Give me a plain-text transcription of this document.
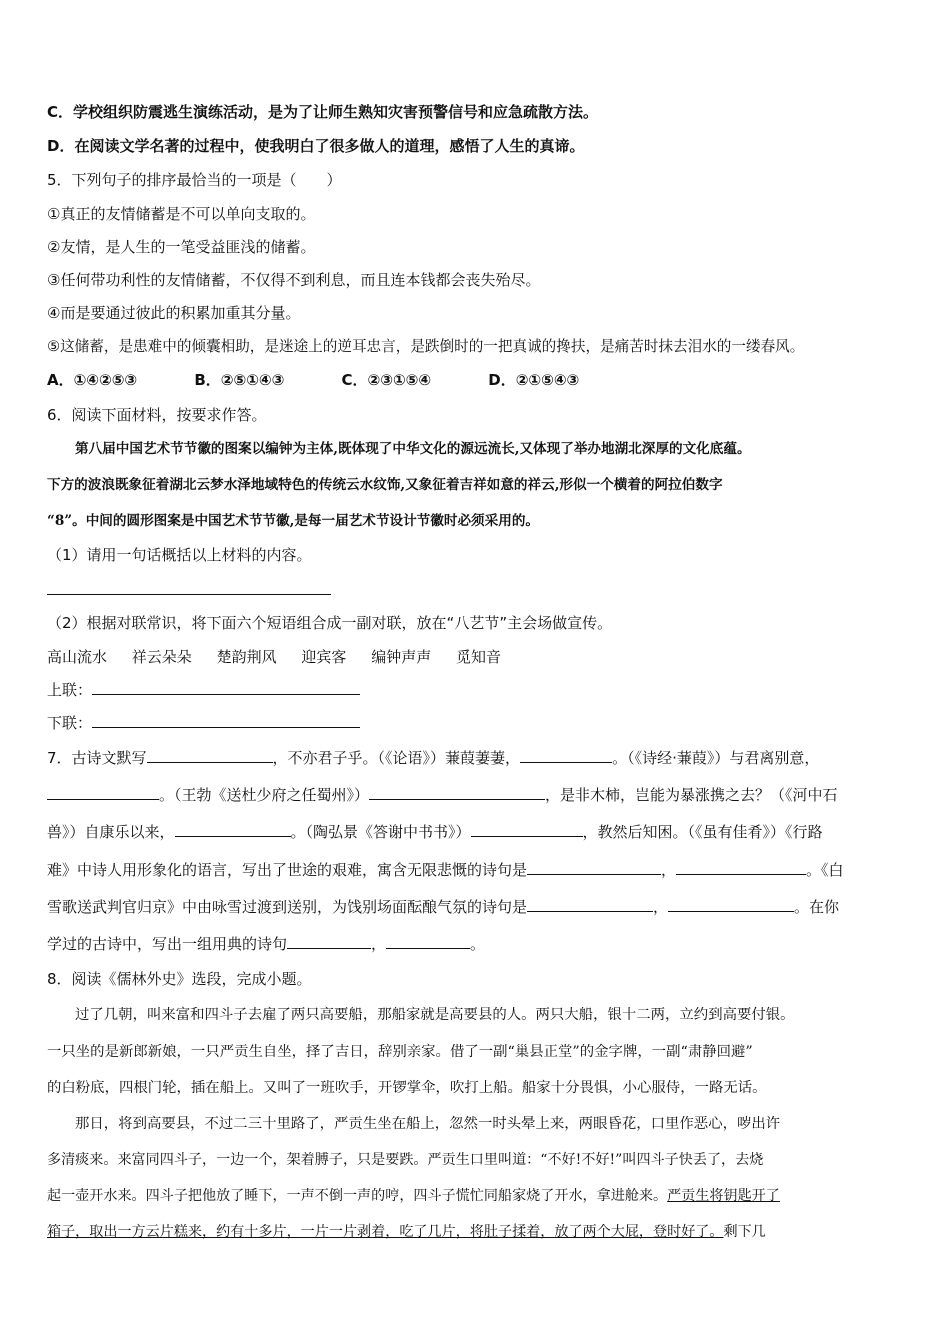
C．学校组织防震逃生演练活动，是为了让师生熟知灾害预警信号和应急疏散方法。
D．在阅读文学名著的过程中，使我明白了很多做人的道理，感悟了人生的真谛。
5．下列句子的排序最恰当的一项是（　　）
①真正的友情储蓄是不可以单向支取的。
②友情，是人生的一笔受益匪浅的储蓄。
③任何带功利性的友情储蓄，不仅得不到利息，而且连本钱都会丧失殆尽。
④而是要通过彼此的积累加重其分量。
⑤这储蓄，是患难中的倾囊相助，是迷途上的逆耳忠言，是跌倒时的一把真诚的搀扶，是痛苦时抹去泪水的一缕春风。
A．①④②⑤③	B．②⑤①④③	C．②③①⑤④	D．②①⑤④③
6．阅读下面材料，按要求作答。
第八届中国艺术节节徽的图案以编钟为主体,既体现了中华文化的源远流长,又体现了举办地湖北深厚的文化底蕴。
下方的波浪既象征着湖北云梦水泽地域特色的传统云水纹饰,又象征着吉祥如意的祥云,形似一个横着的阿拉伯数字
“8”。中间的圆形图案是中国艺术节节徽,是每一届艺术节设计节徽时必须采用的。
（1）请用一句话概括以上材料的内容。
（2）根据对联常识，将下面六个短语组合成一副对联，放在“八艺节”主会场做宣传。
高山流水 祥云朵朵 楚韵荆风 迎宾客 编钟声声 觅知音
上联：
下联：
7．古诗文默写	，不亦君子乎。（《论语》）蒹葭萋萋，	。（《诗经·蒹葭》）与君离别意，
。（王勃《送杜少府之任蜀州》）	，是非木柿，岂能为暴涨携之去？（《河中石
兽》）自康乐以来，	。（陶弘景《答谢中书书》）	，教然后知困。（《虽有佳肴》）《行路
难》中诗人用形象化的语言，写出了世途的艰难，寓含无限悲慨的诗句是	，	。《白
雪歌送武判官归京》中由咏雪过渡到送别，为饯别场面酝酿气氛的诗句是	，	。在你
学过的古诗中，写出一组用典的诗句	，	。
8．阅读《儒林外史》选段，完成小题。
过了几朝，叫来富和四斗子去雇了两只高要船，那船家就是高要县的人。两只大船，银十二两，立约到高要付银。
一只坐的是新郎新娘，一只严贡生自坐，择了吉日，辞别亲家。借了一副“巢县正堂”的金字牌，一副“肃静回避”
的白粉底，四根门轮，插在船上。又叫了一班吹手，开锣掌伞，吹打上船。船家十分畏惧，小心服侍，一路无话。
那日，将到高要县，不过二三十里路了，严贡生坐在船上，忽然一时头晕上来，两眼昏花，口里作恶心，哕出许
多清痰来。来富同四斗子，一边一个，架着膊子，只是要跌。严贡生口里叫道：“不好!不好!”叫四斗子快丢了，去烧
起一壶开水来。四斗子把他放了睡下，一声不倒一声的哼，四斗子慌忙同船家烧了开水，拿进舱来。严贡生将钥匙开了
箱子，取出一方云片糕来，约有十多片，一片一片剥着，吃了几片，将肚子揉着，放了两个大屁，登时好了。剩下几
